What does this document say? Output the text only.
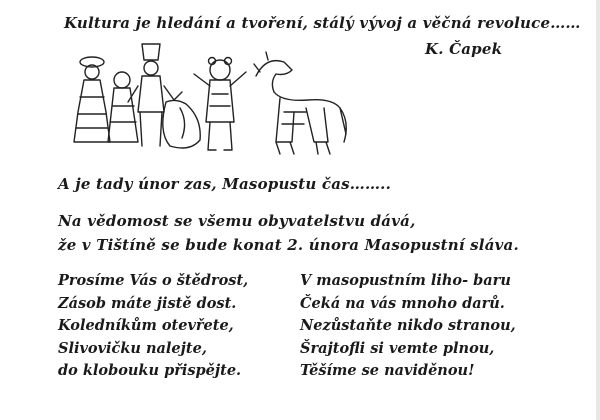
Kultura je hledání a tvoření, stálý vývoj a věčná revoluce……
K. Čapek
A je tady únor zas, Masopustu čas……..
Na vědomost se všemu obyvatelstvu dává,
že v Tištíně se bude konat 2. února Masopustní sláva.
Prosíme Vás o štědrost,
Zásob máte jistě dost.
Koledníkům otevřete,
Slivovičku nalejte,
do klobouku přispějte.
V masopustním liho- baru
Čeká na vás mnoho darů.
Nezůstaňte nikdo stranou,
Šrajtofli si vemte plnou,
Těšíme se naviděnou!
